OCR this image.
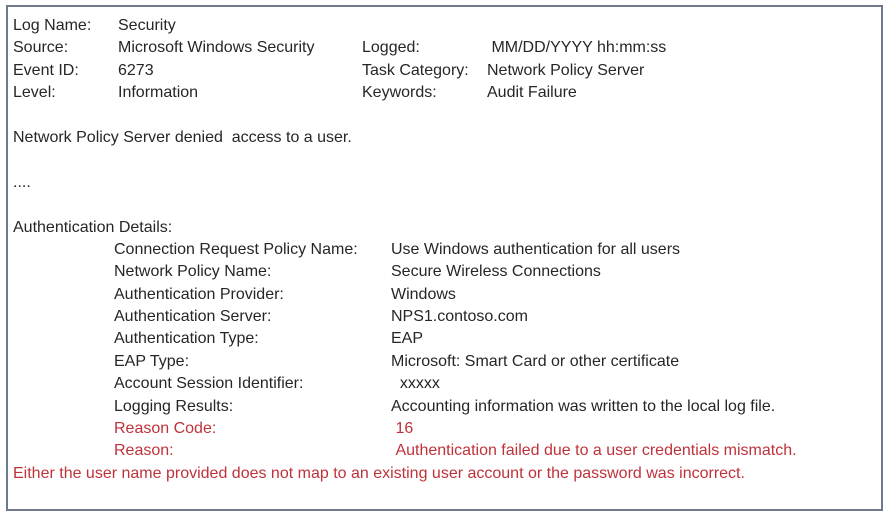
Log Name:	Security
Source:	Microsoft Windows Security	Logged:	MM/DD/YYYY hh:mm:ss
Event ID:	6273	Task Category:	Network Policy Server
Level:	Information	Keywords:	Audit Failure
Network Policy Server denied  access to a user.
....
Authentication Details:
Connection Request Policy Name:	Use Windows authentication for all users
Network Policy Name:	Secure Wireless Connections
Authentication Provider:	Windows
Authentication Server:	NPS1.contoso.com
Authentication Type:	EAP
EAP Type:	Microsoft: Smart Card or other certificate
Account Session Identifier:	xxxxx
Logging Results:	Accounting information was written to the local log file.
Reason Code:	16
Reason:	Authentication failed due to a user credentials mismatch.
Either the user name provided does not map to an existing user account or the password was incorrect.
